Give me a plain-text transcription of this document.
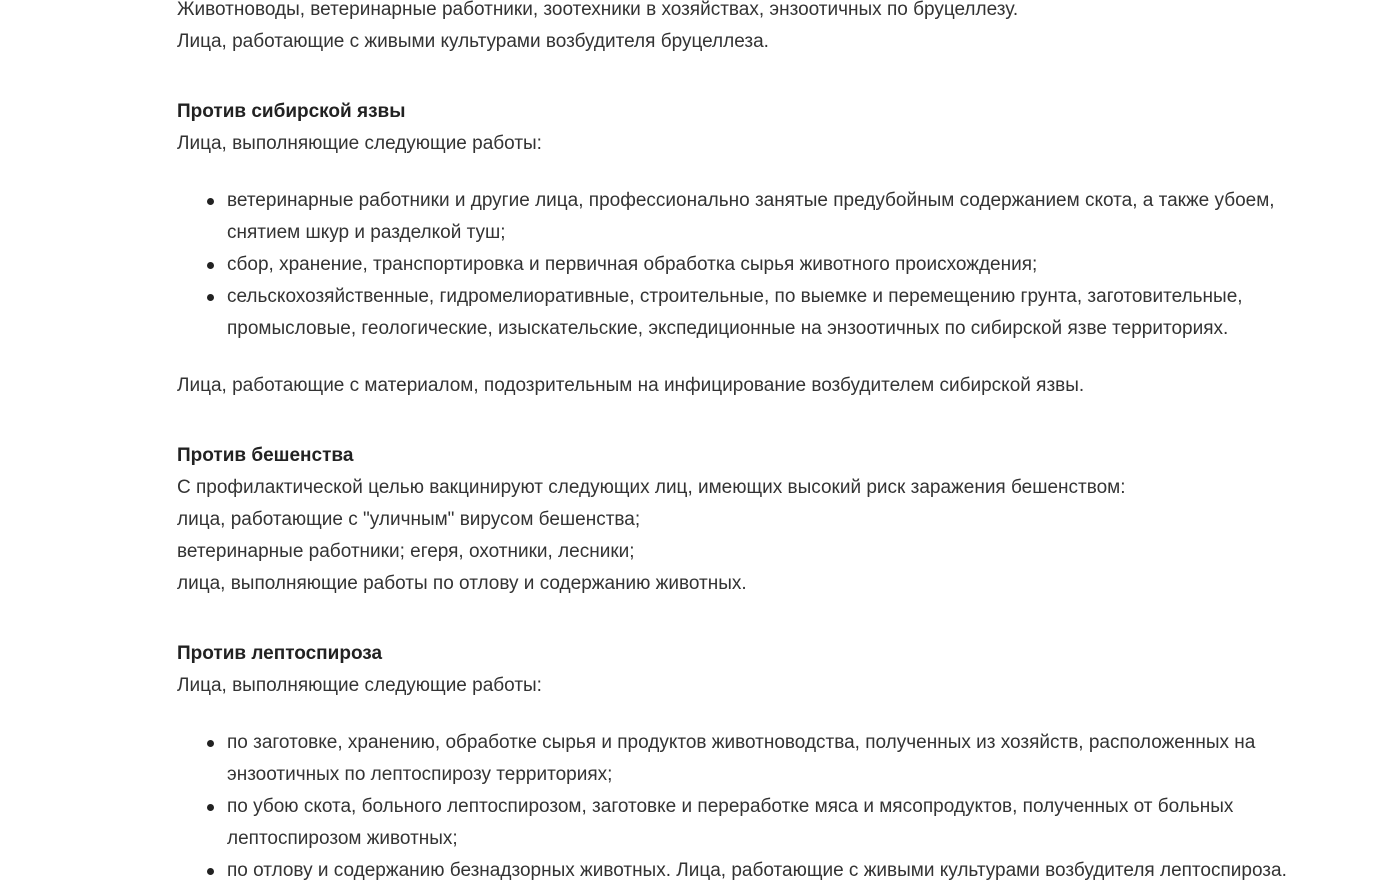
Животноводы, ветеринарные работники, зоотехники в хозяйствах, энзоотичных по бруцеллезу.
Лица, работающие с живыми культурами возбудителя бруцеллеза.
Против сибирской язвы
Лица, выполняющие следующие работы:
ветеринарные работники и другие лица, профессионально занятые предубойным содержанием скота, а также убоем,
снятием шкур и разделкой туш;
сбор, хранение, транспортировка и первичная обработка сырья животного происхождения;
сельскохозяйственные, гидромелиоративные, строительные, по выемке и перемещению грунта, заготовительные,
промысловые, геологические, изыскательские, экспедиционные на энзоотичных по сибирской язве территориях.
Лица, работающие с материалом, подозрительным на инфицирование возбудителем сибирской язвы.
Против бешенства
С профилактической целью вакцинируют следующих лиц, имеющих высокий риск заражения бешенством:
лица, работающие с "уличным" вирусом бешенства;
ветеринарные работники; егеря, охотники, лесники;
лица, выполняющие работы по отлову и содержанию животных.
Против лептоспироза
Лица, выполняющие следующие работы:
по заготовке, хранению, обработке сырья и продуктов животноводства, полученных из хозяйств, расположенных на
энзоотичных по лептоспирозу территориях;
по убою скота, больного лептоспирозом, заготовке и переработке мяса и мясопродуктов, полученных от больных
лептоспирозом животных;
по отлову и содержанию безнадзорных животных. Лица, работающие с живыми культурами возбудителя лептоспироза.
